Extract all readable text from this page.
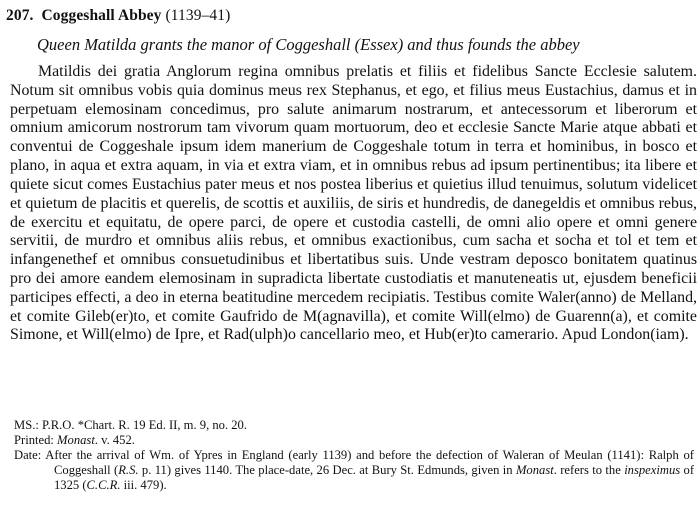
207. Coggeshall Abbey (1139–41)
Queen Matilda grants the manor of Coggeshall (Essex) and thus founds the abbey

Matildis dei gratia Anglorum regina omnibus prelatis et filiis et fidelibus Sancte Ecclesie salutem. Notum sit omnibus vobis quia dominus meus rex Stephanus, et ego, et filius meus Eustachius, damus et in perpetuam elemosinam concedimus, pro salute animarum nostrarum, et antecessorum et liberorum et omnium amicorum nostrorum tam vivorum quam mortuorum, deo et ecclesie Sancte Marie atque abbati et conventui de Coggeshale ipsum idem manerium de Coggeshale totum in terra et hominibus, in bosco et plano, in aqua et extra aquam, in via et extra viam, et in omnibus rebus ad ipsum pertinentibus; ita libere et quiete sicut comes Eustachius pater meus et nos postea liberius et quietius illud tenuimus, solutum videlicet et quietum de placitis et querelis, de scottis et auxiliis, de siris et hundredis, de danegeldis et omnibus rebus, de exercitu et equitatu, de opere parci, de opere et custodia castelli, de omni alio opere et omni genere servitii, de murdro et omnibus aliis rebus, et omnibus exactionibus, cum sacha et socha et tol et tem et infangenethef et omnibus consuetudinibus et libertatibus suis. Unde vestram deposco bonitatem quatinus pro dei amore eandem elemosinam in supradicta libertate custodiatis et manuteneatis ut, ejusdem beneficii participes effecti, a deo in eterna beatitudine mercedem recipiatis. Testibus comite Waler(anno) de Melland, et comite Gileb(er)to, et comite Gaufrido de M(agnavilla), et comite Will(elmo) de Guarenn(a), et comite Simone, et Will(elmo) de Ipre, et Rad(ulph)o cancellario meo, et Hub(er)to camerario. Apud London(iam).

MS.: P.R.O. *Chart. R. 19 Ed. II, m. 9, no. 20.
Printed: Monast. v. 452.
Date: After the arrival of Wm. of Ypres in England (early 1139) and before the defection of Waleran of Meulan (1141): Ralph of Coggeshall (R.S. p. 11) gives 1140. The place-date, 26 Dec. at Bury St. Edmunds, given in Monast. refers to the inspeximus of 1325 (C.C.R. iii. 479).
